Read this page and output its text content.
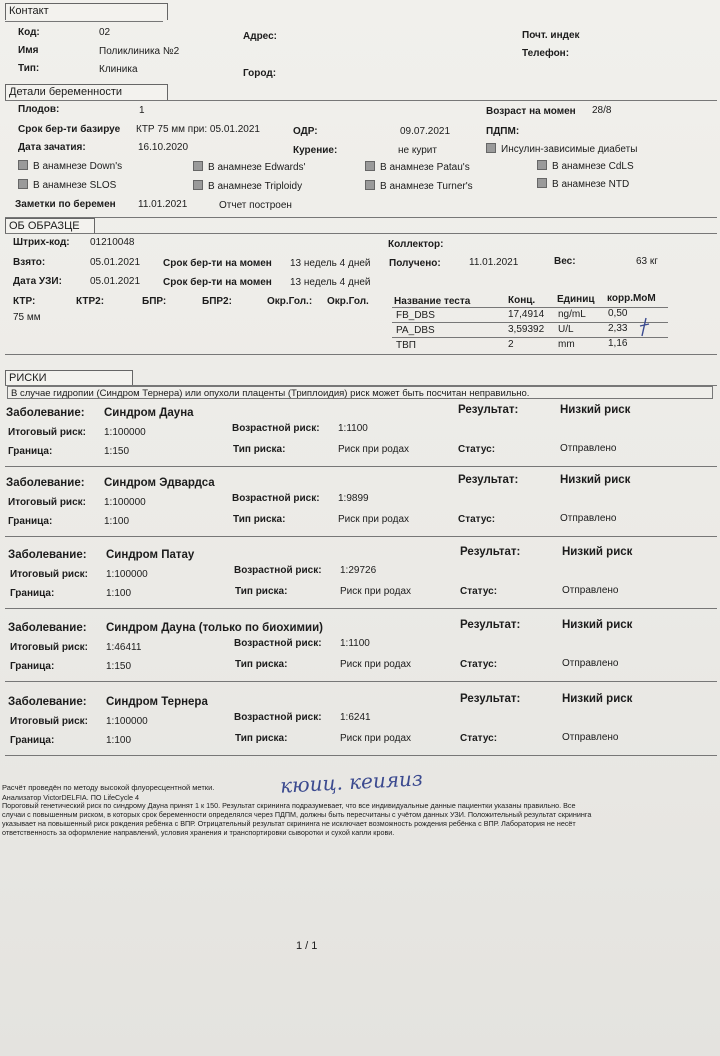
Контакт
Код:	02	Адрес:	Почт. индек
Имя	Поликлиника №2	Телефон:
Тип:	Клиника	Город:
Детали беременности
Плодов:	1	Возраст на момен 28/8
Срок бер-ти базируе КТР 75 мм при: 05.01.2021	ОДР:	09.07.2021	ПДПМ:
Дата зачатия:	16.10.2020	Курение:	не курит	Инсулин-зависимые диабеты
В анамнезе Down's	В анамнезе Edwards'	В анамнезе Patau's	В анамнезе CdLS
В анамнезе SLOS	В анамнезе Triploidy	В анамнезе Turner's	В анамнезе NTD
Заметки по беремен 11.01.2021	Отчет построен
ОБ ОБРАЗЦЕ
Штрих-код: 01210048	Коллектор:
Взято:	05.01.2021 Срок бер-ти на момен 13 недель 4 дней Получено:	11.01.2021	Вес:	63 кг
Дата УЗИ:	05.01.2021 Срок бер-ти на момен 13 недель 4 дней
КТР:	КТР2:	БПР:	БПР2:	Окр.Гол.: Окр.Гол.
75 мм
Название теста	Конц. Единиц корр.МоМ
FB_DBS	17,4914 ng/mL 0,50
PA_DBS	3,59392 U/L	2,33
ТВП	2	mm	1,16
РИСКИ
В случае гидропии (Синдром Тернера) или опухоли плаценты (Триплоидия) риск может быть посчитан неправильно.
Заболевание: Синдром Дауна	Результат:	Низкий риск
Итоговый риск: 1:100000	Возрастной риск: 1:1100
Граница:	1:150	Тип риска:	Риск при родах	Статус:	Отправлено
Заболевание: Синдром Эдвардса	Результат:	Низкий риск
Итоговый риск: 1:100000	Возрастной риск: 1:9899
Граница:	1:100	Тип риска:	Риск при родах	Статус:	Отправлено
Заболевание: Синдром Патау	Результат:	Низкий риск
Итоговый риск: 1:100000	Возрастной риск: 1:29726
Граница:	1:100	Тип риска:	Риск при родах	Статус:	Отправлено
Заболевание: Синдром Дауна (только по биохимии)	Результат:	Низкий риск
Итоговый риск: 1:46411	Возрастной риск: 1:1100
Граница:	1:150	Тип риска:	Риск при родах	Статус:	Отправлено
Заболевание: Синдром Тернера	Результат:	Низкий риск
Итоговый риск: 1:100000	Возрастной риск: 1:6241
Граница:	1:100	Тип риска:	Риск при родах	Статус:	Отправлено
Расчёт проведён по методу высокой флуоресцентной метки.	кюиц. кеияиз
Анализатор VictorDELFIA. ПО LifeCycle 4
Пороговый генетический риск по синдрому Дауна принят 1 к 150. Результат скрининга подразумевает, что все индивидуальные данные пациентки указаны правильно. Все
случаи с повышенным риском, в которых срок беременности определялся через ПДПМ, должны быть пересчитаны с учётом данных УЗИ. Положительный результат скрининга
указывает на повышенный риск рождения ребёнка с ВПР. Отрицательный результат скрининга не исключает возможность рождения ребёнка с ВПР. Лаборатория не несёт
ответственность за оформление направлений, условия хранения и транспортировки сыворотки и сухой капли крови.
1 / 1
